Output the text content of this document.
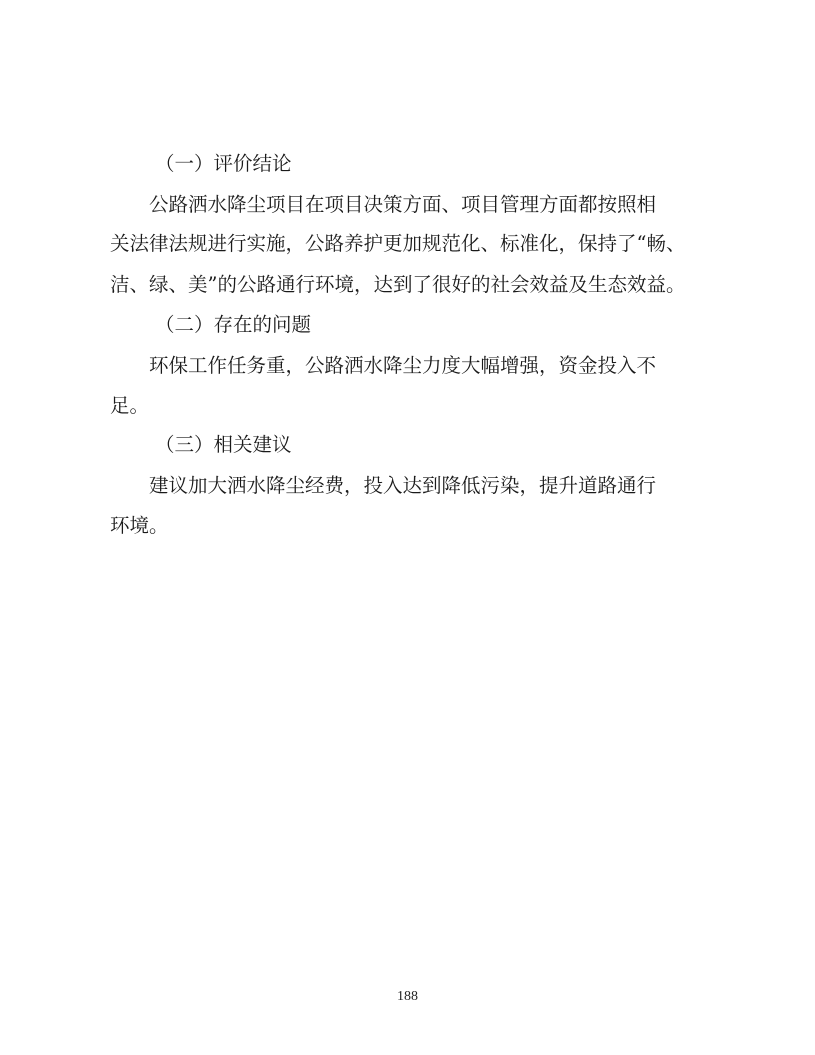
（一）评价结论
公路洒水降尘项目在项目决策方面、项目管理方面都按照相
关法律法规进行实施，公路养护更加规范化、标准化，保持了“畅、
洁、绿、美”的公路通行环境，达到了很好的社会效益及生态效益。
（二）存在的问题
环保工作任务重，公路洒水降尘力度大幅增强，资金投入不
足。
（三）相关建议
建议加大洒水降尘经费，投入达到降低污染，提升道路通行
环境。
188
